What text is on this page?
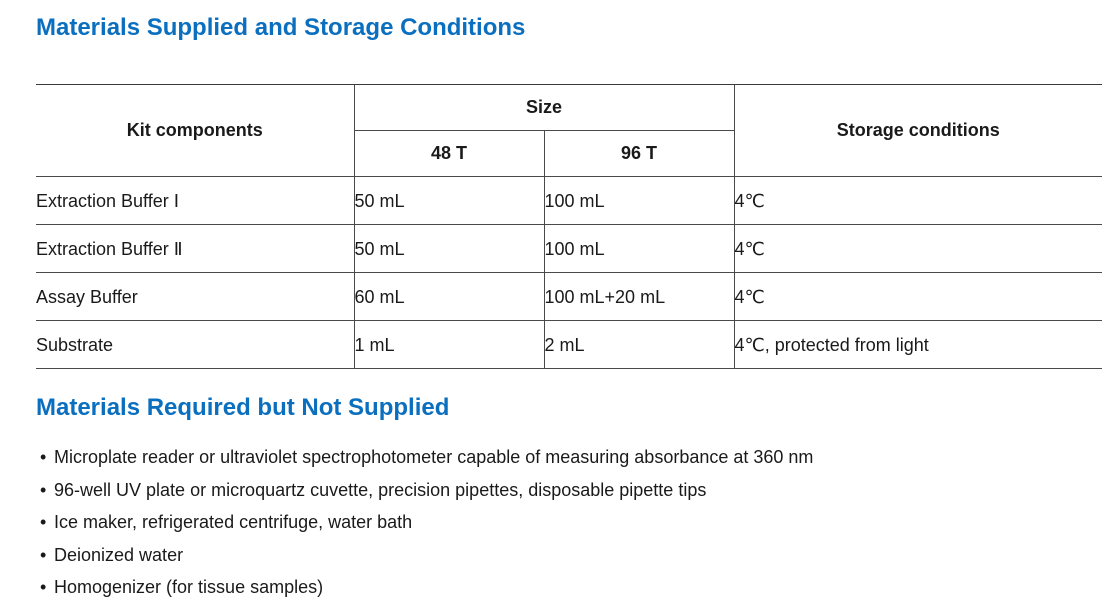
Materials Supplied and Storage Conditions
Kit components	Size		Storage conditions
	48 T	96 T	
Extraction Buffer Ⅰ	50 mL	100 mL	4℃
Extraction Buffer Ⅱ	50 mL	100 mL	4℃
Assay Buffer	60 mL	100 mL+20 mL	4℃
Substrate	1 mL	2 mL	4℃, protected from light
Materials Required but Not Supplied
• Microplate reader or ultraviolet spectrophotometer capable of measuring absorbance at 360 nm
• 96-well UV plate or microquartz cuvette, precision pipettes, disposable pipette tips
• Ice maker, refrigerated centrifuge, water bath
• Deionized water
• Homogenizer (for tissue samples)
